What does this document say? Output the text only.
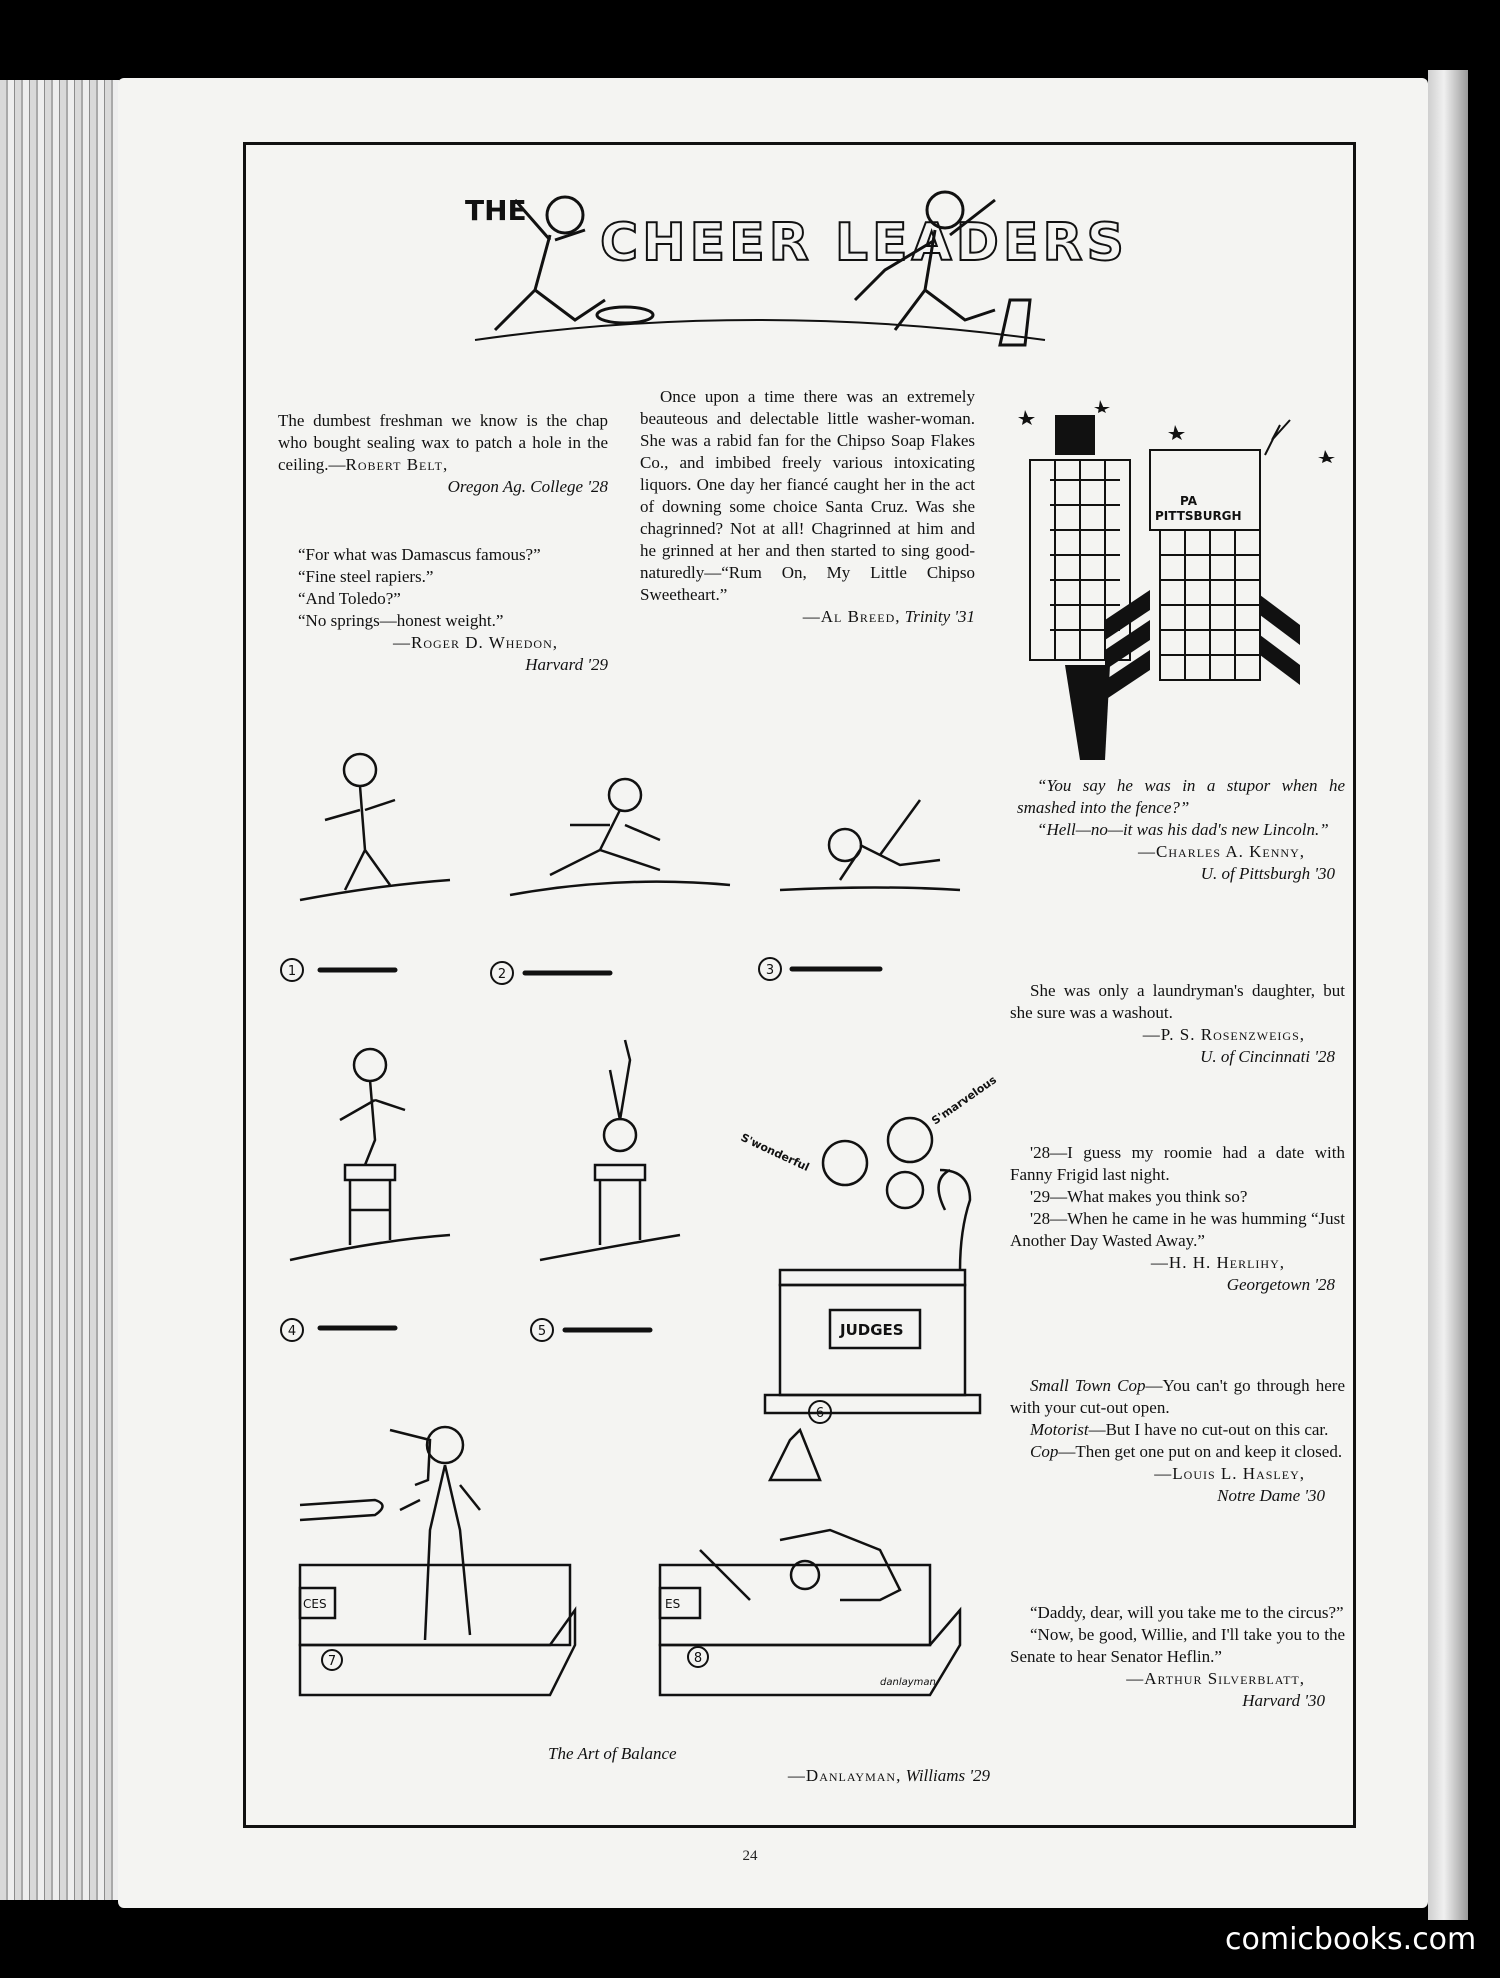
THE
CHEER LEADERS

The dumbest freshman we know is the chap who bought sealing wax to patch a hole in the ceiling.—Robert Belt,

Oregon Ag. College '28

“For what was Damascus famous?”

“Fine steel rapiers.”

“And Toledo?”

“No springs—honest weight.”

—Roger D. Whedon,

Harvard '29

Once upon a time there was an extremely beauteous and delectable little washer-woman. She was a rabid fan for the Chipso Soap Flakes Co., and imbibed freely various intoxicating liquors. One day her fiancé caught her in the act of downing some choice Santa Cruz. Was she chagrinned? Not at all! Chagrinned at him and he grinned at her and then started to sing good-naturedly—“Rum On, My Little Chipso Sweetheart.”

—Al Breed, Trinity '31

PA
PITTSBURGH

“You say he was in a stupor when he smashed into the fence?”

“Hell—no—it was his dad's new Lincoln.”

—Charles A. Kenny,

U. of Pittsburgh '30

She was only a laundryman's daughter, but she sure was a washout.

—P. S. Rosenzweigs,

U. of Cincinnati '28

'28—I guess my roomie had a date with Fanny Frigid last night.

'29—What makes you think so?

'28—When he came in he was humming “Just Another Day Wasted Away.”

—H. H. Herlihy,

Georgetown '28

Small Town Cop—You can't go through here with your cut-out open.

Motorist—But I have no cut-out on this car.

Cop—Then get one put on and keep it closed.

—Louis L. Hasley,

Notre Dame '30

“Daddy, dear, will you take me to the circus?”

“Now, be good, Willie, and I'll take you to the Senate to hear Senator Heflin.”

—Arthur Silverblatt,

Harvard '30

1	2	3
4	5
6
7	8
JUDGES
S'wonderful
S'marvelous
CES	ES
danlayman
The Art of Balance
—Danlayman, Williams '29
24
comicbooks.com
